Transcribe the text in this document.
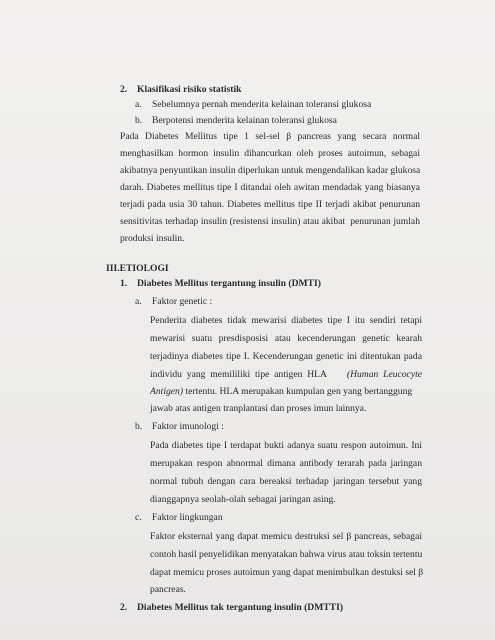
2. Klasifikasi risiko statistik
a. Sebelumnya pernah menderita kelainan toleransi glukosa
b. Berpotensi menderita kelainan toleransi glukosa
Pada  Diabetes  Mellitus  tipe  1  sel-sel  β  pancreas  yang  secara  normal
menghasilkan hormon insulin dihancurkan oleh proses autoimun, sebagai
akibatnya penyuntikan insulin diperlukan untuk mengendalikan kadar glukosa
darah. Diabetes mellitus tipe I ditandai oleh awitan mendadak yang biasanya
terjadi pada usia 30 tahun. Diabetes mellitus tipe II terjadi akibat penurunan
sensitivitas terhadap insulin (resistensi insulin) atau akibat  penurunan jumlah
produksi insulin.
III.ETIOLOGI
1. Diabetes Mellitus tergantung insulin (DMTI)
a. Faktor genetic :
Penderita  diabetes  tidak  mewarisi  diabetes  tipe  I  itu  sendiri  tetapi
mewarisi  suatu  presdisposisi  atau  kecenderungan  genetic  kearah
terjadinya diabetes tipe I. Kecenderungan genetic ini ditentukan pada
individu  yang  memililiki  tipe  antigen  HLA (Human  Leucocyte
Antigen) tertentu. HLA merupakan kumpulan gen yang bertanggung
jawab atas antigen tranplantasi dan proses imun lainnya.
b. Faktor imunologi :
Pada diabetes tipe I terdapat bukti adanya suatu respon autoimun. Ini
merupakan respon abnormal dimana antibody terarah pada jaringan
normal tubuh dengan cara bereaksi terhadap jaringan tersebut yang
dianggapnya seolah-olah sebagai jaringan asing.
c. Faktor lingkungan
Faktor eksternal yang dapat memicu destruksi sel β pancreas, sebagai
contoh hasil penyelidikan menyatakan bahwa virus atau toksin tertentu
dapat memicu proses autoimun yang dapat menimbulkan destuksi sel β
pancreas.
2. Diabetes Mellitus tak tergantung insulin (DMTTI)
